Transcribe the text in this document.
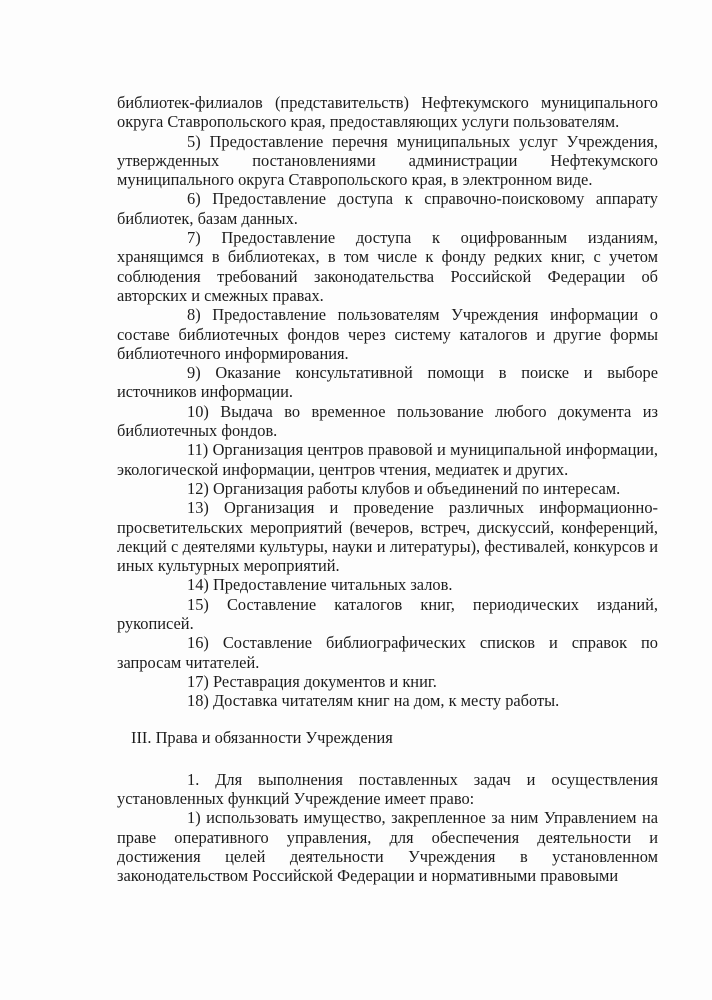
библиотек-филиалов (представительств) Нефтекумского муниципального округа Ставропольского края, предоставляющих услуги пользователям.

5) Предоставление перечня муниципальных услуг Учреждения, утвержденных постановлениями администрации Нефтекумского муниципального округа Ставропольского края, в электронном виде.

6) Предоставление доступа к справочно-поисковому аппарату библиотек, базам данных.

7) Предоставление доступа к оцифрованным изданиям, хранящимся в библиотеках, в том числе к фонду редких книг, с учетом соблюдения требований законодательства Российской Федерации об авторских и смежных правах.

8) Предоставление пользователям Учреждения информации о составе библиотечных фондов через систему каталогов и другие формы библиотечного информирования.

9) Оказание консультативной помощи в поиске и выборе источников информации.

10) Выдача во временное пользование любого документа из библиотечных фондов.

11) Организация центров правовой и муниципальной информации, экологической информации, центров чтения, медиатек и других.

12) Организация работы клубов и объединений по интересам.

13) Организация и проведение различных информационно-просветительских мероприятий (вечеров, встреч, дискуссий, конференций, лекций с деятелями культуры, науки и литературы), фестивалей, конкурсов и иных культурных мероприятий.

14) Предоставление читальных залов.

15) Составление каталогов книг, периодических изданий, рукописей.

16) Составление библиографических списков и справок по запросам читателей.

17) Реставрация документов и книг.

18) Доставка читателям книг на дом, к месту работы.

III. Права и обязанности Учреждения

1. Для выполнения поставленных задач и осуществления установленных функций Учреждение имеет право:

1) использовать имущество, закрепленное за ним Управлением на праве оперативного управления, для обеспечения деятельности и достижения целей деятельности Учреждения в установленном законодательством Российской Федерации и нормативными правовыми
